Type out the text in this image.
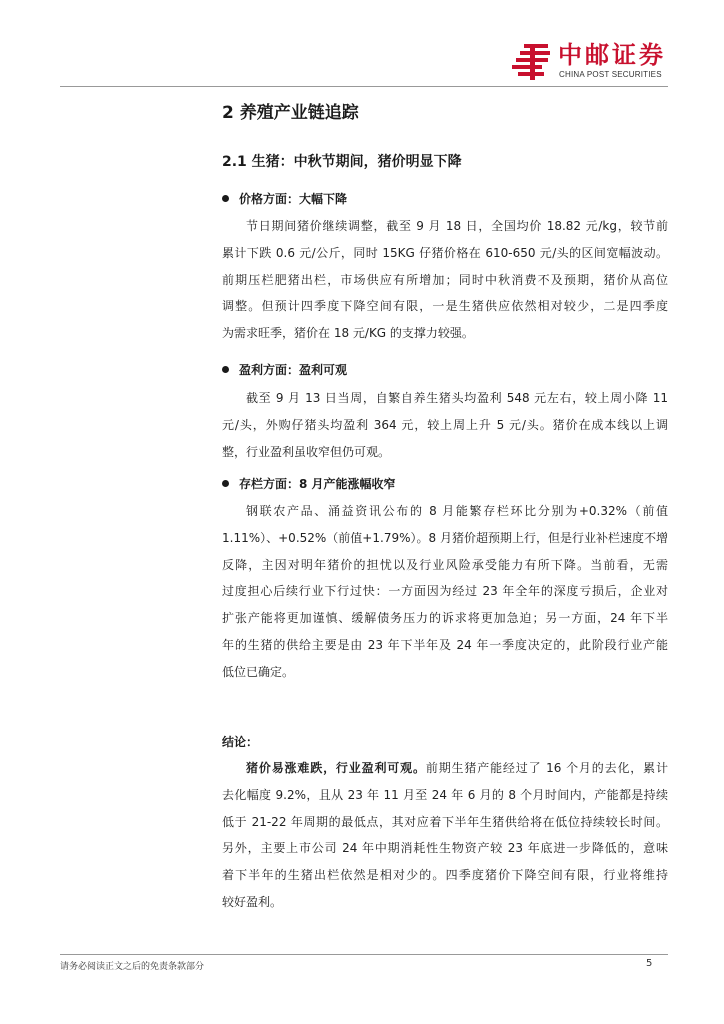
中邮证券
CHINA POST SECURITIES
2 养殖产业链追踪
2.1 生猪：中秋节期间，猪价明显下降
价格方面：大幅下降
节日期间猪价继续调整，截至 9 月 18 日，全国均价 18.82 元/kg，较节前
累计下跌 0.6 元/公斤，同时 15KG 仔猪价格在 610-650 元/头的区间宽幅波动。
前期压栏肥猪出栏，市场供应有所增加；同时中秋消费不及预期，猪价从高位
调整。但预计四季度下降空间有限，一是生猪供应依然相对较少，二是四季度
为需求旺季，猪价在 18 元/KG 的支撑力较强。
盈利方面：盈利可观
截至 9 月 13 日当周，自繁自养生猪头均盈利 548 元左右，较上周小降 11
元/头，外购仔猪头均盈利 364 元，较上周上升 5 元/头。猪价在成本线以上调
整，行业盈利虽收窄但仍可观。
存栏方面：8 月产能涨幅收窄
钢联农产品、涌益资讯公布的 8 月能繁存栏环比分别为+0.32%（前值
1.11%）、+0.52%（前值+1.79%）。8 月猪价超预期上行，但是行业补栏速度不增
反降，主因对明年猪价的担忧以及行业风险承受能力有所下降。当前看，无需
过度担心后续行业下行过快：一方面因为经过 23 年全年的深度亏损后，企业对
扩张产能将更加谨慎、缓解债务压力的诉求将更加急迫；另一方面，24 年下半
年的生猪的供给主要是由 23 年下半年及 24 年一季度决定的，此阶段行业产能
低位已确定。
结论：
猪价易涨难跌，行业盈利可观。前期生猪产能经过了 16 个月的去化，累计
去化幅度 9.2%，且从 23 年 11 月至 24 年 6 月的 8 个月时间内，产能都是持续
低于 21-22 年周期的最低点，其对应着下半年生猪供给将在低位持续较长时间。
另外，主要上市公司 24 年中期消耗性生物资产较 23 年底进一步降低的，意味
着下半年的生猪出栏依然是相对少的。四季度猪价下降空间有限，行业将维持
较好盈利。
请务必阅读正文之后的免责条款部分	5
